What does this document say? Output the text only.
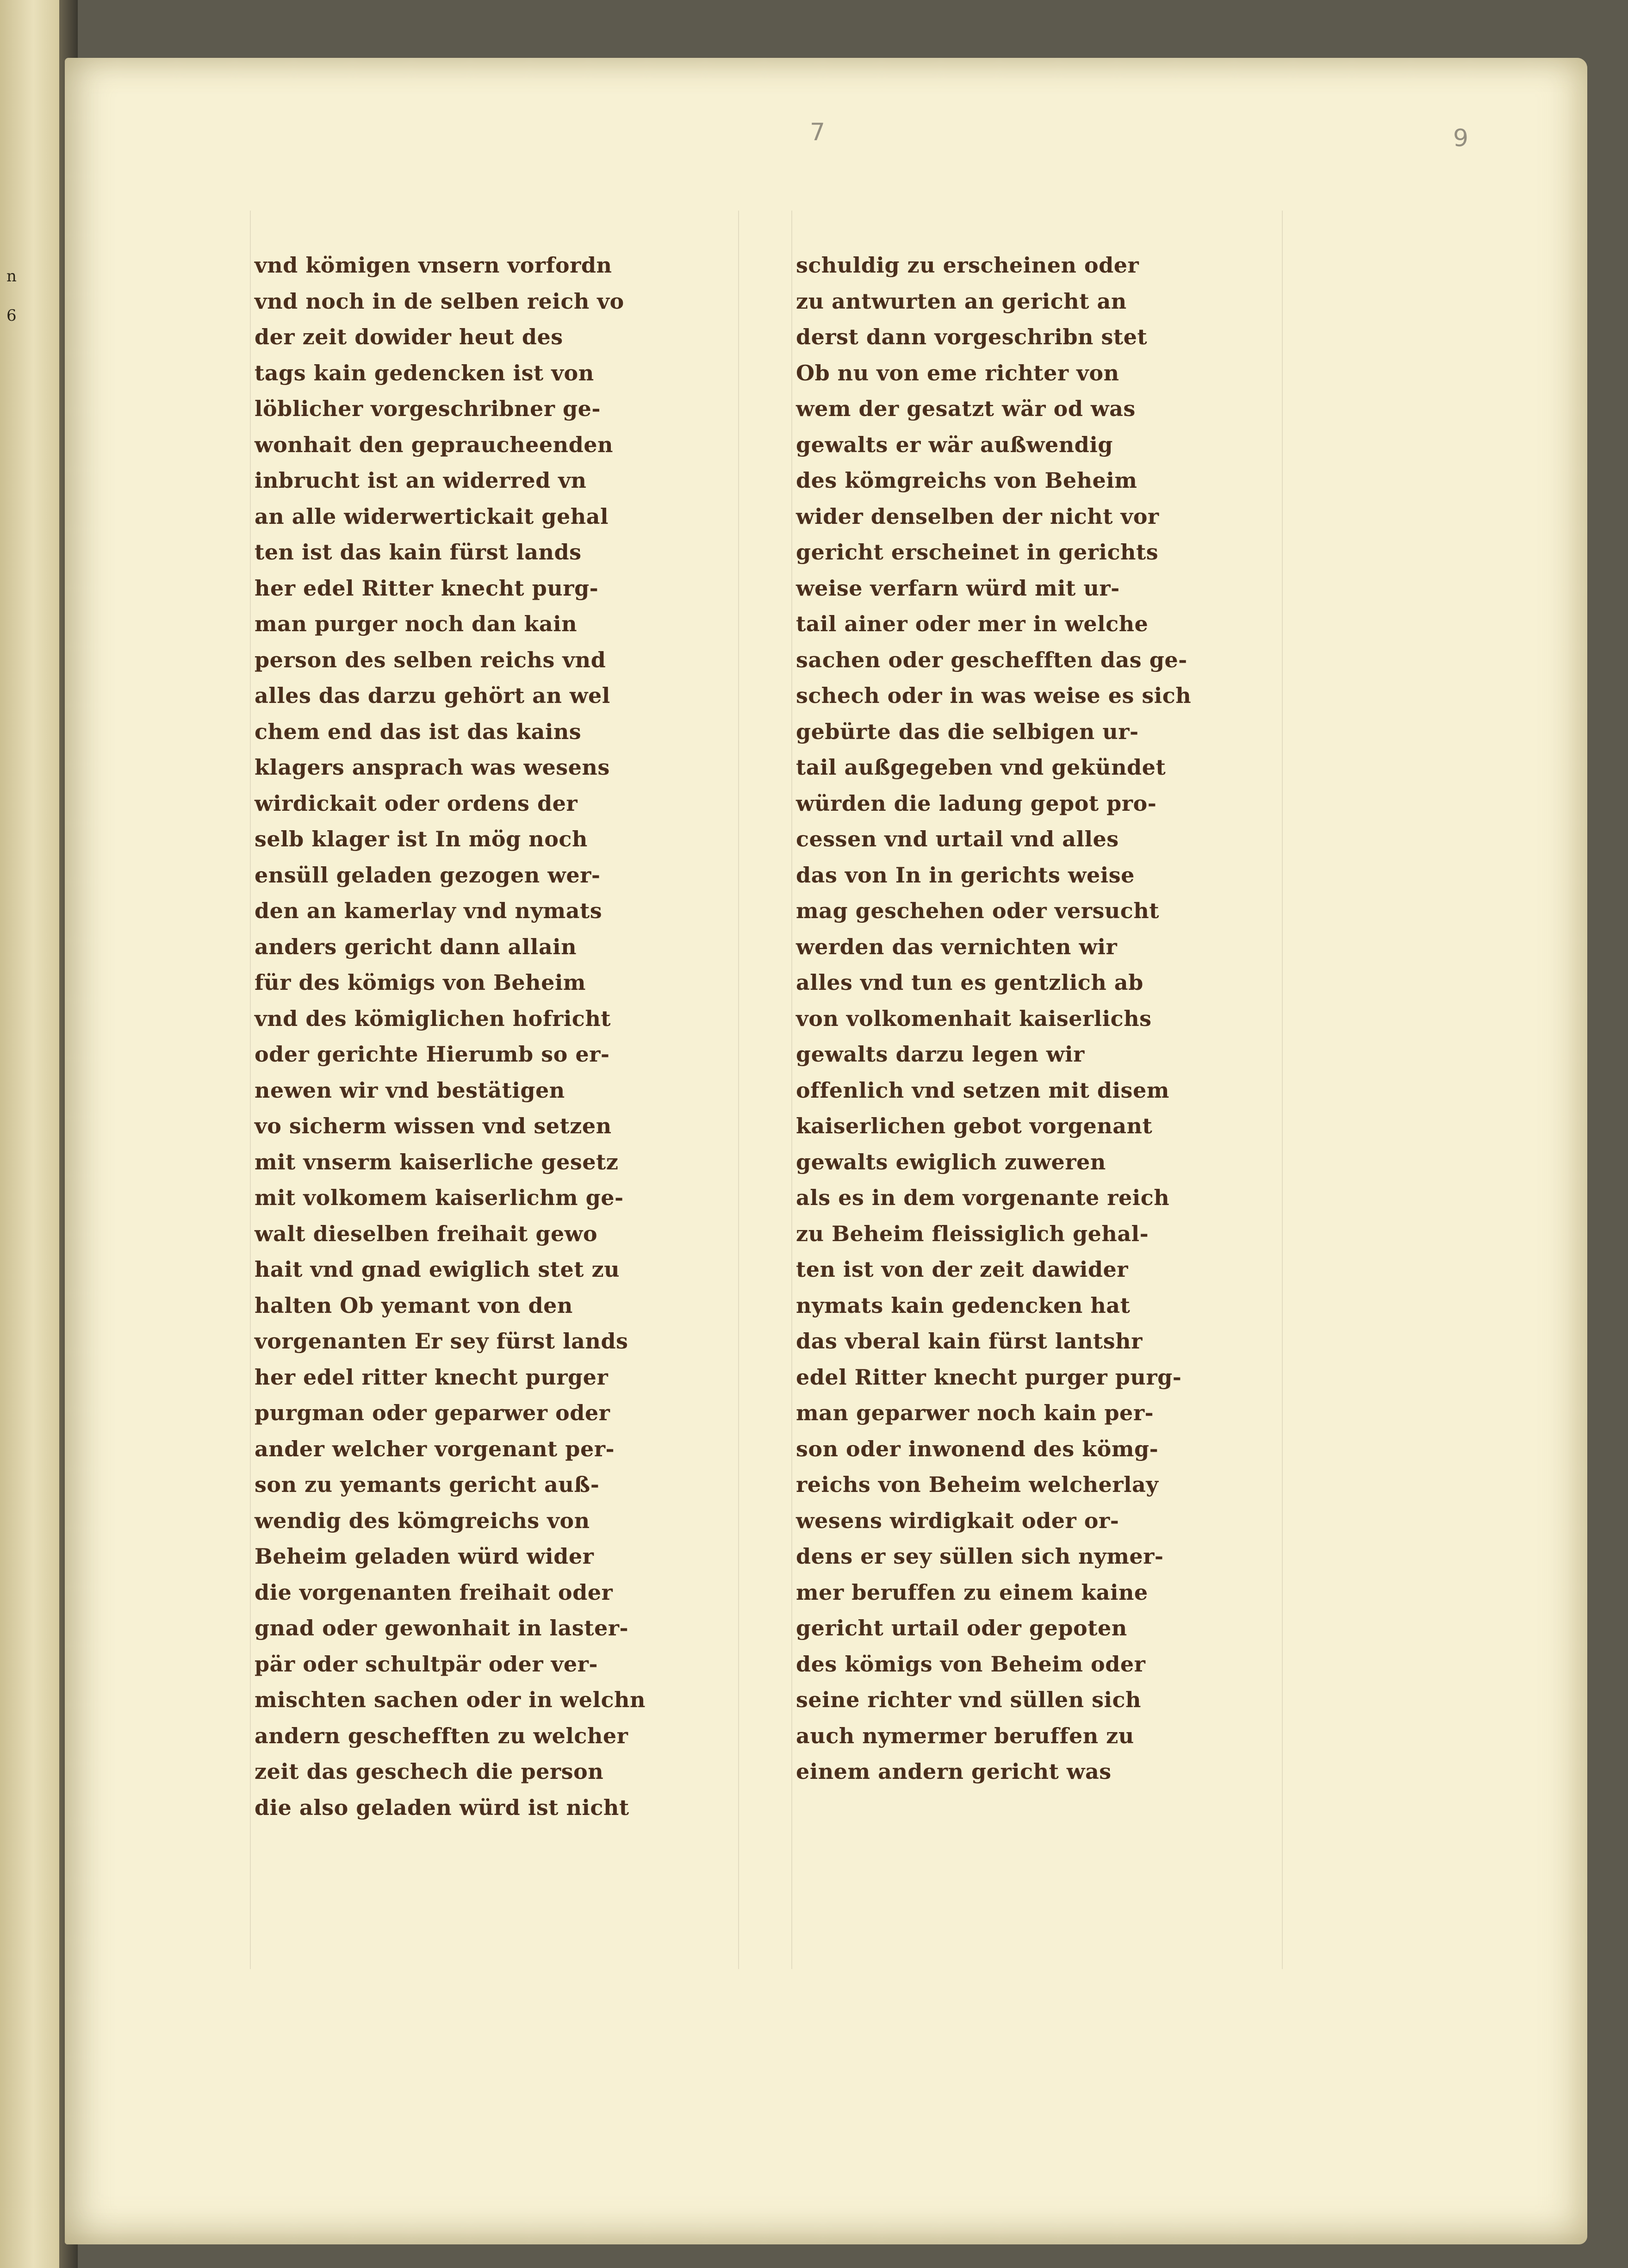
n
6
7	9
vnd kömigen vnsern vorfordn
vnd noch in de selben reich vo
der zeit dowider heut des
tags kain gedencken ist von
löblicher vorgeschribner ge-
wonhait den gepraucheenden
inbrucht ist an widerred vn
an alle widerwertickait gehal
ten ist das kain fürst lands
her edel Ritter knecht purg-
man purger noch dan kain
person des selben reichs vnd
alles das darzu gehört an wel
chem end das ist das kains
klagers ansprach was wesens
wirdickait oder ordens der
selb klager ist In mög noch
ensüll geladen gezogen wer-
den an kamerlay vnd nymats
anders gericht dann allain
für des kömigs von Beheim
vnd des kömiglichen hofricht
oder gerichte Hierumb so er-
newen wir vnd bestätigen
vo sicherm wissen vnd setzen
mit vnserm kaiserliche gesetz
mit volkomem kaiserlichm ge-
walt dieselben freihait gewo
hait vnd gnad ewiglich stet zu
halten Ob yemant von den
vorgenanten Er sey fürst lands
her edel ritter knecht purger
purgman oder geparwer oder
ander welcher vorgenant per-
son zu yemants gericht auß-
wendig des kömgreichs von
Beheim geladen würd wider
die vorgenanten freihait oder
gnad oder gewonhait in laster-
pär oder schultpär oder ver-
mischten sachen oder in welchn
andern geschefften zu welcher
zeit das geschech die person
die also geladen würd ist nicht
schuldig zu erscheinen oder
zu antwurten an gericht an
derst dann vorgeschribn stet
Ob nu von eme richter von
wem der gesatzt wär od was
gewalts er wär außwendig
des kömgreichs von Beheim
wider denselben der nicht vor
gericht erscheinet in gerichts
weise verfarn würd mit ur-
tail ainer oder mer in welche
sachen oder geschefften das ge-
schech oder in was weise es sich
gebürte das die selbigen ur-
tail außgegeben vnd gekündet
würden die ladung gepot pro-
cessen vnd urtail vnd alles
das von In in gerichts weise
mag geschehen oder versucht
werden das vernichten wir
alles vnd tun es gentzlich ab
von volkomenhait kaiserlichs
gewalts darzu legen wir
offenlich vnd setzen mit disem
kaiserlichen gebot vorgenant
gewalts ewiglich zuweren
als es in dem vorgenante reich
zu Beheim fleissiglich gehal-
ten ist von der zeit dawider
nymats kain gedencken hat
das vberal kain fürst lantshr
edel Ritter knecht purger purg-
man geparwer noch kain per-
son oder inwonend des kömg-
reichs von Beheim welcherlay
wesens wirdigkait oder or-
dens er sey süllen sich nymer-
mer beruffen zu einem kaine
gericht urtail oder gepoten
des kömigs von Beheim oder
seine richter vnd süllen sich
auch nymermer beruffen zu
einem andern gericht was
